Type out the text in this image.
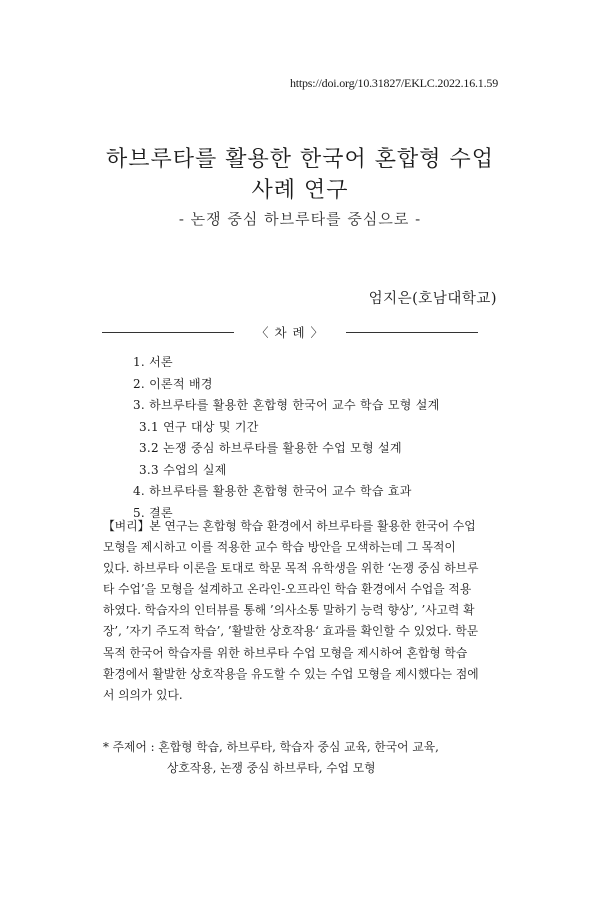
https://doi.org/10.31827/EKLC.2022.16.1.59
하브루타를 활용한 한국어 혼합형 수업
사례 연구
- 논쟁 중심 하브루타를 중심으로 -
엄지은(호남대학교)
〈 차 례 〉
1. 서론
2. 이론적 배경
3. 하브루타를 활용한 혼합형 한국어 교수 학습 모형 설계
3.1 연구 대상 및 기간
3.2 논쟁 중심 하브루타를 활용한 수업 모형 설계
3.3 수업의 실제
4. 하브루타를 활용한 혼합형 한국어 교수 학습 효과
5. 결론

【벼리】본 연구는 혼합형 학습 환경에서 하브루타를 활용한 한국어 수업

모형을 제시하고 이를 적용한 교수 학습 방안을 모색하는데 그 목적이

있다. 하브루타 이론을 토대로 학문 목적 유학생을 위한 ‘논쟁 중심 하브루

타 수업’을 모형을 설계하고 온라인-오프라인 학습 환경에서 수업을 적용

하였다. 학습자의 인터뷰를 통해 ’의사소통 말하기 능력 향상’, ’사고력 확

장’, ’자기 주도적 학습’, ’활발한 상호작용‘ 효과를 확인할 수 있었다. 학문

목적 한국어 학습자를 위한 하브루타 수업 모형을 제시하여 혼합형 학습

환경에서 활발한 상호작용을 유도할 수 있는 수업 모형을 제시했다는 점에

서 의의가 있다.

* 주제어 : 혼합형 학습, 하브루타, 학습자 중심 교육, 한국어 교육,
상호작용, 논쟁 중심 하브루타, 수업 모형
